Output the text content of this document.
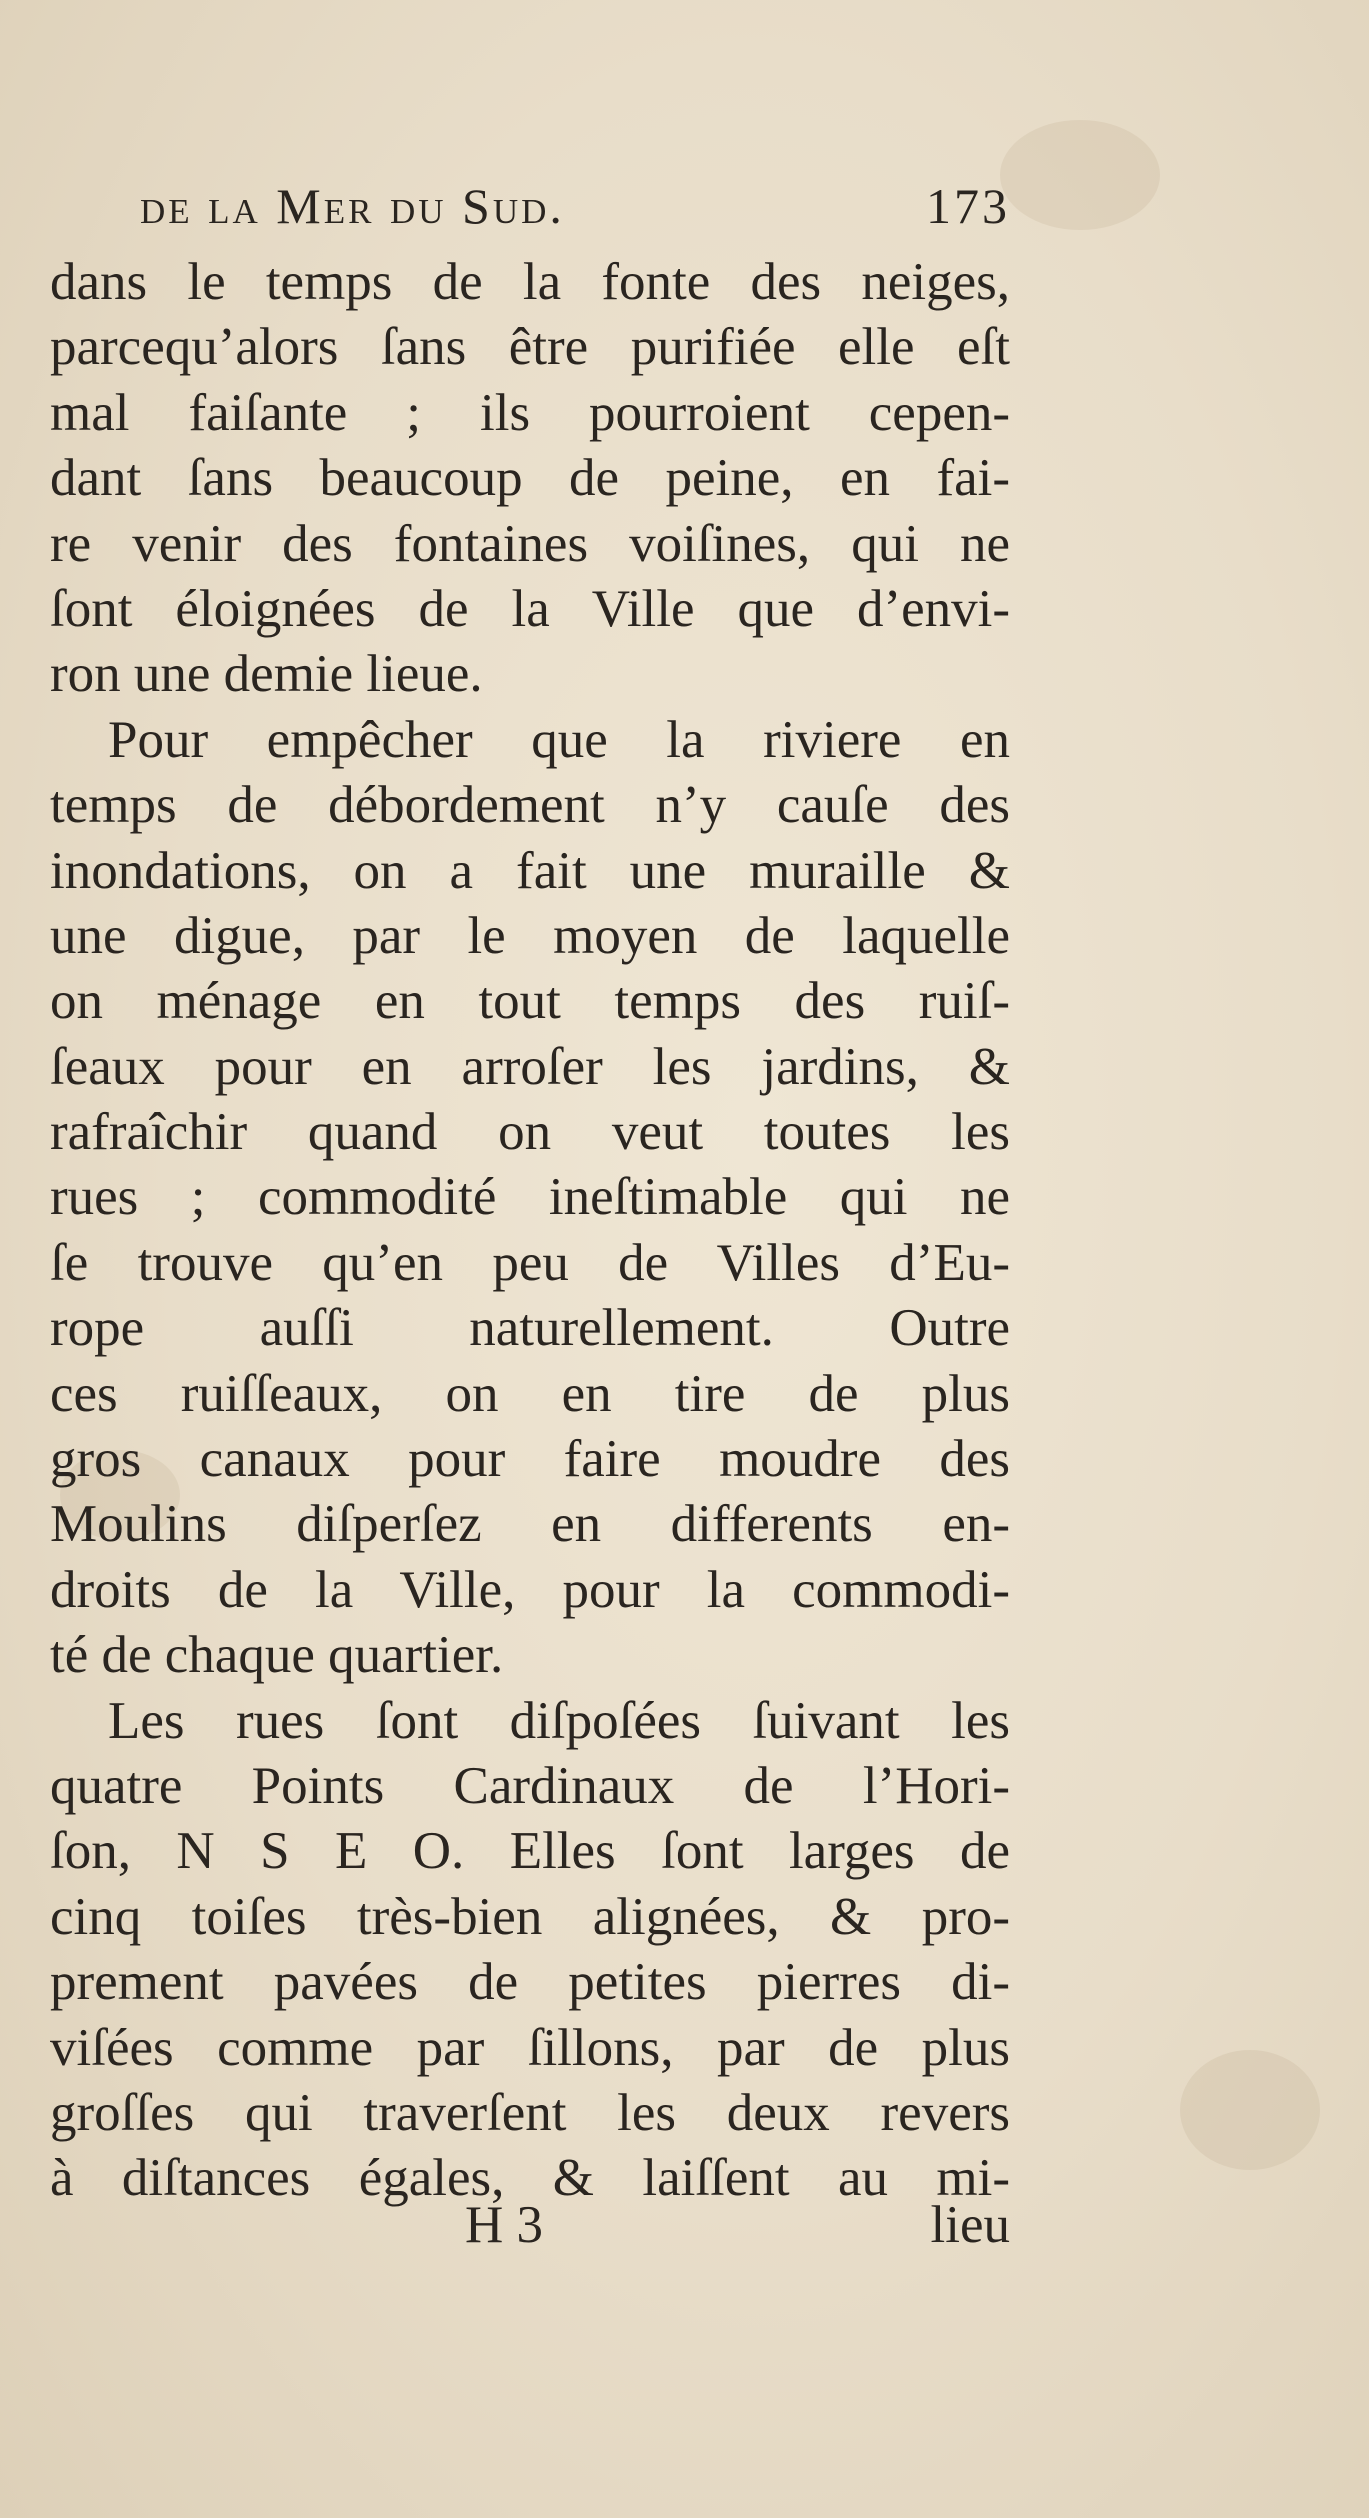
de la Mer du Sud.	173
dans le temps de la fonte des neiges,
parcequ’alors ſans être purifiée elle eſt
mal faiſante ; ils pourroient cepen-
dant ſans beaucoup de peine, en fai-
re venir des fontaines voiſines, qui ne
ſont éloignées de la Ville que d’envi-
ron une demie lieue.
Pour empêcher que la riviere en
temps de débordement n’y cauſe des
inondations, on a fait une muraille &
une digue, par le moyen de laquelle
on ménage en tout temps des ruiſ-
ſeaux pour en arroſer les jardins, &
rafraîchir quand on veut toutes les
rues ; commodité ineſtimable qui ne
ſe trouve qu’en peu de Villes d’Eu-
rope auſſi naturellement. Outre
ces ruiſſeaux, on en tire de plus
gros canaux pour faire moudre des
Moulins diſperſez en differents en-
droits de la Ville, pour la commodi-
té de chaque quartier.
Les rues ſont diſpoſées ſuivant les
quatre Points Cardinaux de l’Hori-
ſon, N S E O. Elles ſont larges de
cinq toiſes très-bien alignées, & pro-
prement pavées de petites pierres di-
viſées comme par ſillons, par de plus
groſſes qui traverſent les deux revers
à diſtances égales, & laiſſent au mi-
H 3	lieu
